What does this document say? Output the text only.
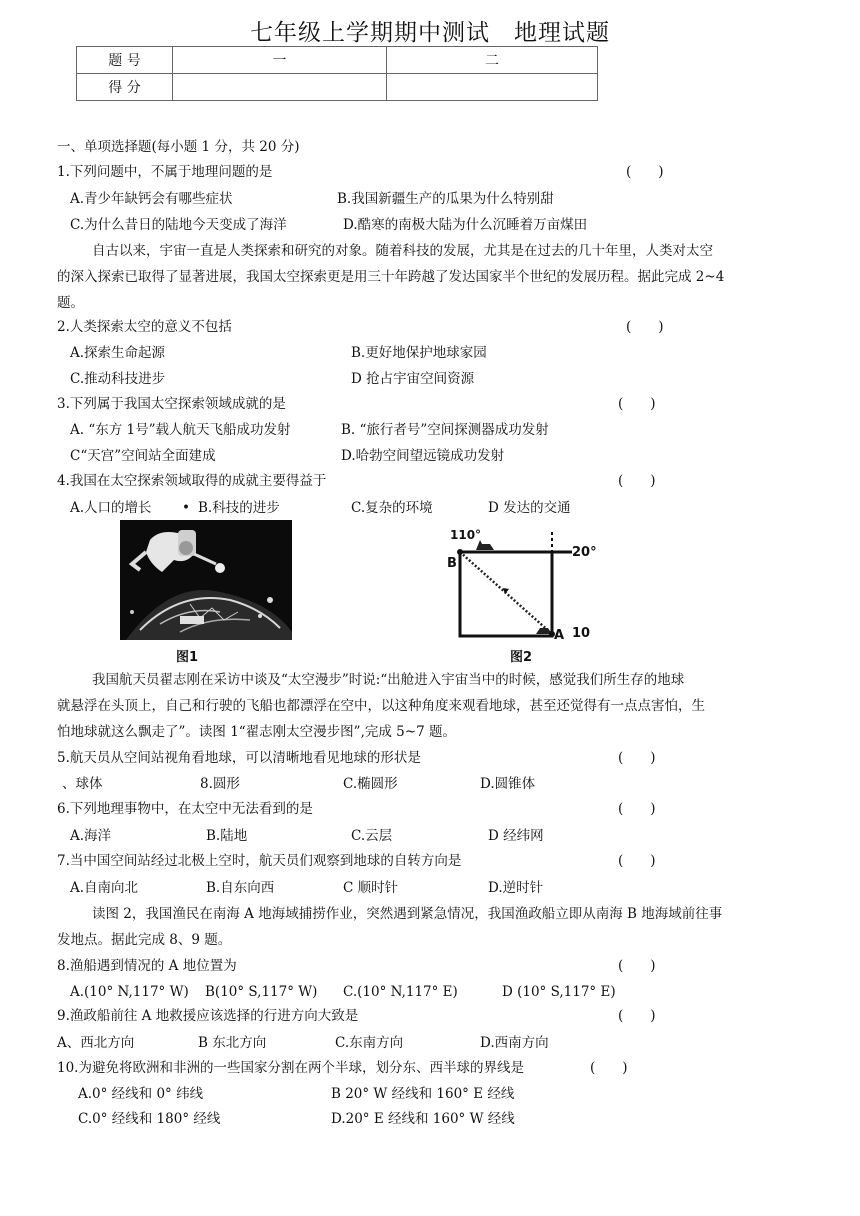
七年级上学期期中测试　地理试题
题 号	一	二
得 分		
一、单项选择题(每小题 1 分，共 20 分)
1.下列问题中，不属于地理问题的是	(　　)
A.青少年缺钙会有哪些症状	B.我国新疆生产的瓜果为什么特别甜
C.为什么昔日的陆地今天变成了海洋	D.酷寒的南极大陆为什么沉睡着万亩煤田
自古以来，宇宙一直是人类探索和研究的对象。随着科技的发展，尤其是在过去的几十年里，人类对太空
的深入探索已取得了显著进展，我国太空探索更是用三十年跨越了发达国家半个世纪的发展历程。据此完成 2~4
题。
2.人类探索太空的意义不包括	(　　)
A.探索生命起源	B.更好地保护地球家园
C.推动科技进步	D 抢占宇宙空间资源
3.下列属于我国太空探索领域成就的是	(　　)
A. “东方 1号”载人航天飞船成功发射	B. “旅行者号”空间探测器成功发射
C“天宫”空间站全面建成	D.哈勃空间望远镜成功发射
4.我国在太空探索领域取得的成就主要得益于	(　　)
A.人口的增长 • B.科技的进步	C.复杂的环境	D 发达的交通
图1
110°
20°
10
B
A
图2
我国航天员翟志刚在采访中谈及“太空漫步”时说:“出舱进入宇宙当中的时候，感觉我们所生存的地球
就悬浮在头顶上，自己和行驶的飞船也都漂浮在空中，以这种角度来观看地球，甚至还觉得有一点点害怕，生
怕地球就这么飘走了”。读图 1“翟志刚太空漫步图”,完成 5~7 题。
5.航天员从空间站视角看地球，可以清晰地看见地球的形状是	(　　)
、球体	8.圆形	C.椭圆形	D.圆锥体
6.下列地理事物中，在太空中无法看到的是	(　　)
A.海洋	B.陆地	C.云层	D 经纬网
7.当中国空间站经过北极上空时，航天员们观察到地球的自转方向是	(　　)
A.自南向北	B.自东向西	C 顺时针	D.逆时针
读图 2，我国渔民在南海 A 地海域捕捞作业，突然遇到紧急情况，我国渔政船立即从南海 B 地海域前往事
发地点。据此完成 8、9 题。
8.渔船遇到情况的 A 地位置为	(　　)
A.(10° N,117° W) B(10° S,117° W) C.(10° N,117° E)	D (10° S,117° E)
9.渔政船前往 A 地救援应该选择的行进方向大致是	(　　)
A、西北方向	B 东北方向	C.东南方向	D.西南方向
10.为避免将欧洲和非洲的一些国家分割在两个半球，划分东、西半球的界线是	(　　)
A.0° 经线和 0° 纬线	B 20° W 经线和 160° E 经线
C.0° 经线和 180° 经线	D.20° E 经线和 160° W 经线
